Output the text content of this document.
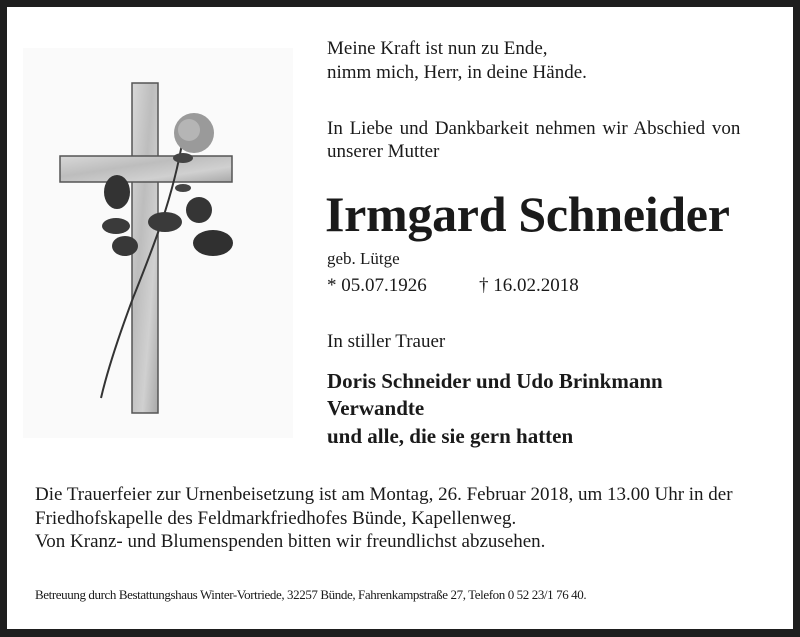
Meine Kraft ist nun zu Ende,
nimm mich, Herr, in deine Hände.
In Liebe und Dankbarkeit nehmen wir Abschied von
unserer Mutter
Irmgard Schneider
geb. Lütge
* 05.07.1926	† 16.02.2018
In stiller Trauer
Doris Schneider und Udo Brinkmann
Verwandte
und alle, die sie gern hatten
Die Trauerfeier zur Urnenbeisetzung ist am Montag, 26. Februar 2018, um 13.00 Uhr in der
Friedhofskapelle des Feldmarkfriedhofes Bünde, Kapellenweg.
Von Kranz- und Blumenspenden bitten wir freundlichst abzusehen.
Betreuung durch Bestattungshaus Winter-Vortriede, 32257 Bünde, Fahrenkampstraße 27, Telefon 0 52 23/1 76 40.
